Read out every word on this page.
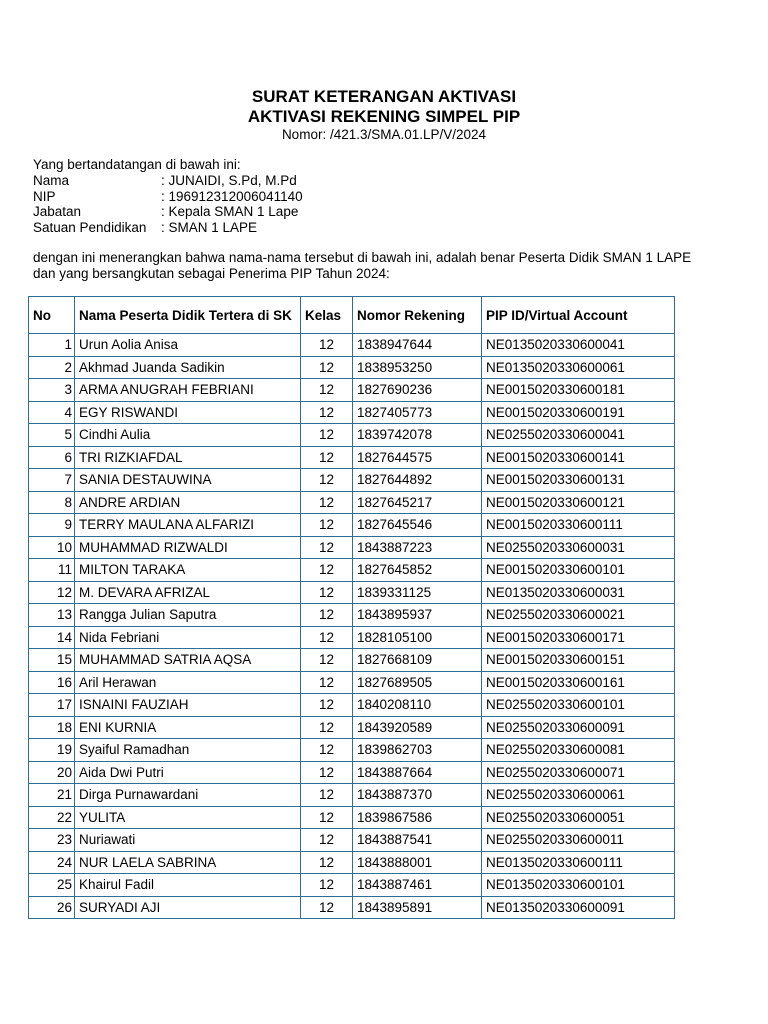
SURAT KETERANGAN AKTIVASI
AKTIVASI REKENING SIMPEL PIP
Nomor: /421.3/SMA.01.LP/V/2024
Yang bertandatangan di bawah ini:
Nama	: JUNAIDI, S.Pd, M.Pd
NIP	: 196912312006041140
Jabatan	: Kepala SMAN 1 Lape
Satuan Pendidikan	: SMAN 1 LAPE
dengan ini menerangkan bahwa nama-nama tersebut di bawah ini, adalah benar Peserta Didik SMAN 1 LAPE
dan yang bersangkutan sebagai Penerima PIP Tahun 2024:
No	Nama Peserta Didik Tertera di SK	Kelas	Nomor Rekening	PIP ID/Virtual Account
1	Urun Aolia Anisa	12	1838947644	NE0135020330600041
2	Akhmad Juanda Sadikin	12	1838953250	NE0135020330600061
3	ARMA ANUGRAH FEBRIANI	12	1827690236	NE0015020330600181
4	EGY RISWANDI	12	1827405773	NE0015020330600191
5	Cindhi Aulia	12	1839742078	NE0255020330600041
6	TRI RIZKIAFDAL	12	1827644575	NE0015020330600141
7	SANIA DESTAUWINA	12	1827644892	NE0015020330600131
8	ANDRE ARDIAN	12	1827645217	NE0015020330600121
9	TERRY MAULANA ALFARIZI	12	1827645546	NE0015020330600111
10	MUHAMMAD RIZWALDI	12	1843887223	NE0255020330600031
11	MILTON TARAKA	12	1827645852	NE0015020330600101
12	M. DEVARA AFRIZAL	12	1839331125	NE0135020330600031
13	Rangga Julian Saputra	12	1843895937	NE0255020330600021
14	Nida Febriani	12	1828105100	NE0015020330600171
15	MUHAMMAD SATRIA AQSA	12	1827668109	NE0015020330600151
16	Aril Herawan	12	1827689505	NE0015020330600161
17	ISNAINI FAUZIAH	12	1840208110	NE0255020330600101
18	ENI KURNIA	12	1843920589	NE0255020330600091
19	Syaiful Ramadhan	12	1839862703	NE0255020330600081
20	Aida Dwi Putri	12	1843887664	NE0255020330600071
21	Dirga Purnawardani	12	1843887370	NE0255020330600061
22	YULITA	12	1839867586	NE0255020330600051
23	Nuriawati	12	1843887541	NE0255020330600011
24	NUR LAELA SABRINA	12	1843888001	NE0135020330600111
25	Khairul Fadil	12	1843887461	NE0135020330600101
26	SURYADI AJI	12	1843895891	NE0135020330600091
